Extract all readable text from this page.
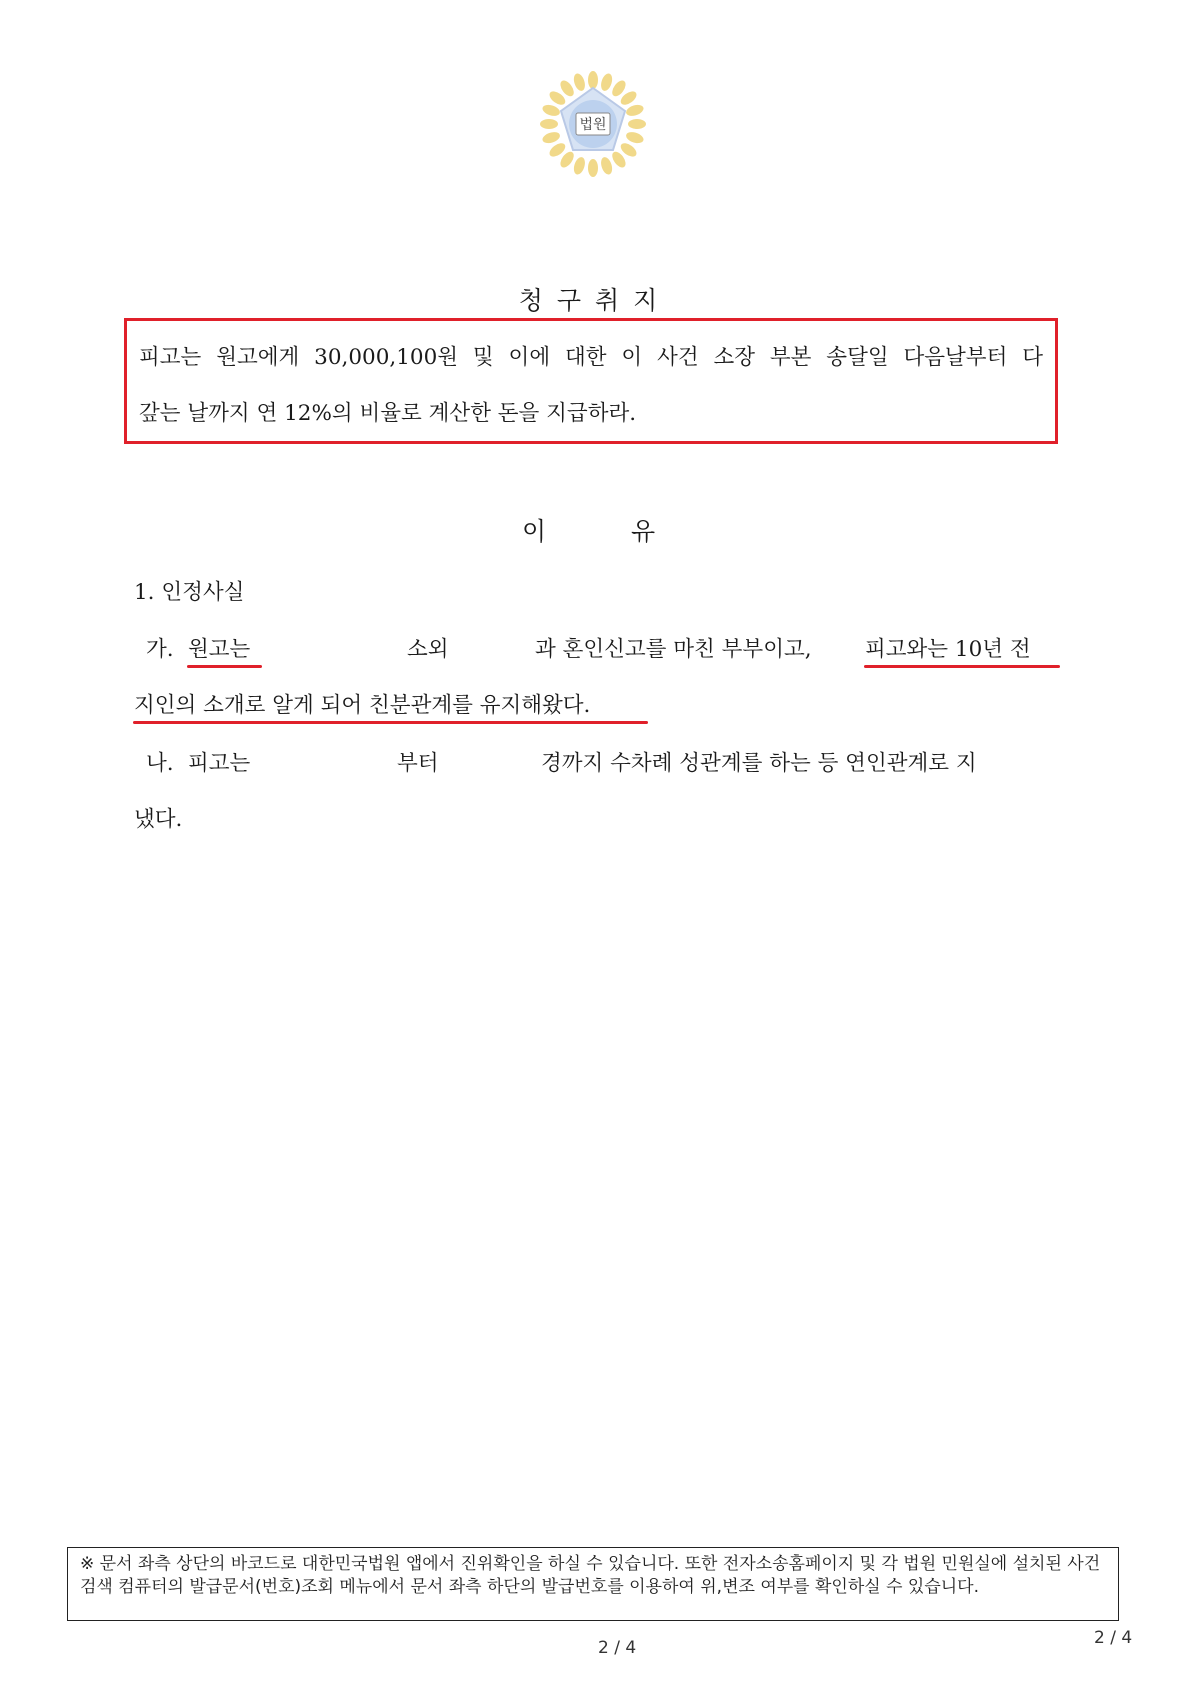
법원
청구취지
피고는 원고에게 30,000,100원 및 이에 대한 이 사건 소장 부본 송달일 다음날부터 다
갚는 날까지 연 12%의 비율로 계산한 돈을 지급하라.
이	유
1. 인정사실
가. 원고는	소외	과 혼인신고를 마친 부부이고, 피고와는 10년 전
지인의 소개로 알게 되어 친분관계를 유지해왔다.
나. 피고는	부터	경까지 수차례 성관계를 하는 등 연인관계로 지
냈다.
※ 문서 좌측 상단의 바코드로 대한민국법원 앱에서 진위확인을 하실 수 있습니다. 또한 전자소송홈페이지 및 각 법원 민원실에 설치된 사건검색 컴퓨터의 발급문서(번호)조회 메뉴에서 문서 좌측 하단의 발급번호를 이용하여 위,변조 여부를 확인하실 수 있습니다.
2 / 4	2 / 4
